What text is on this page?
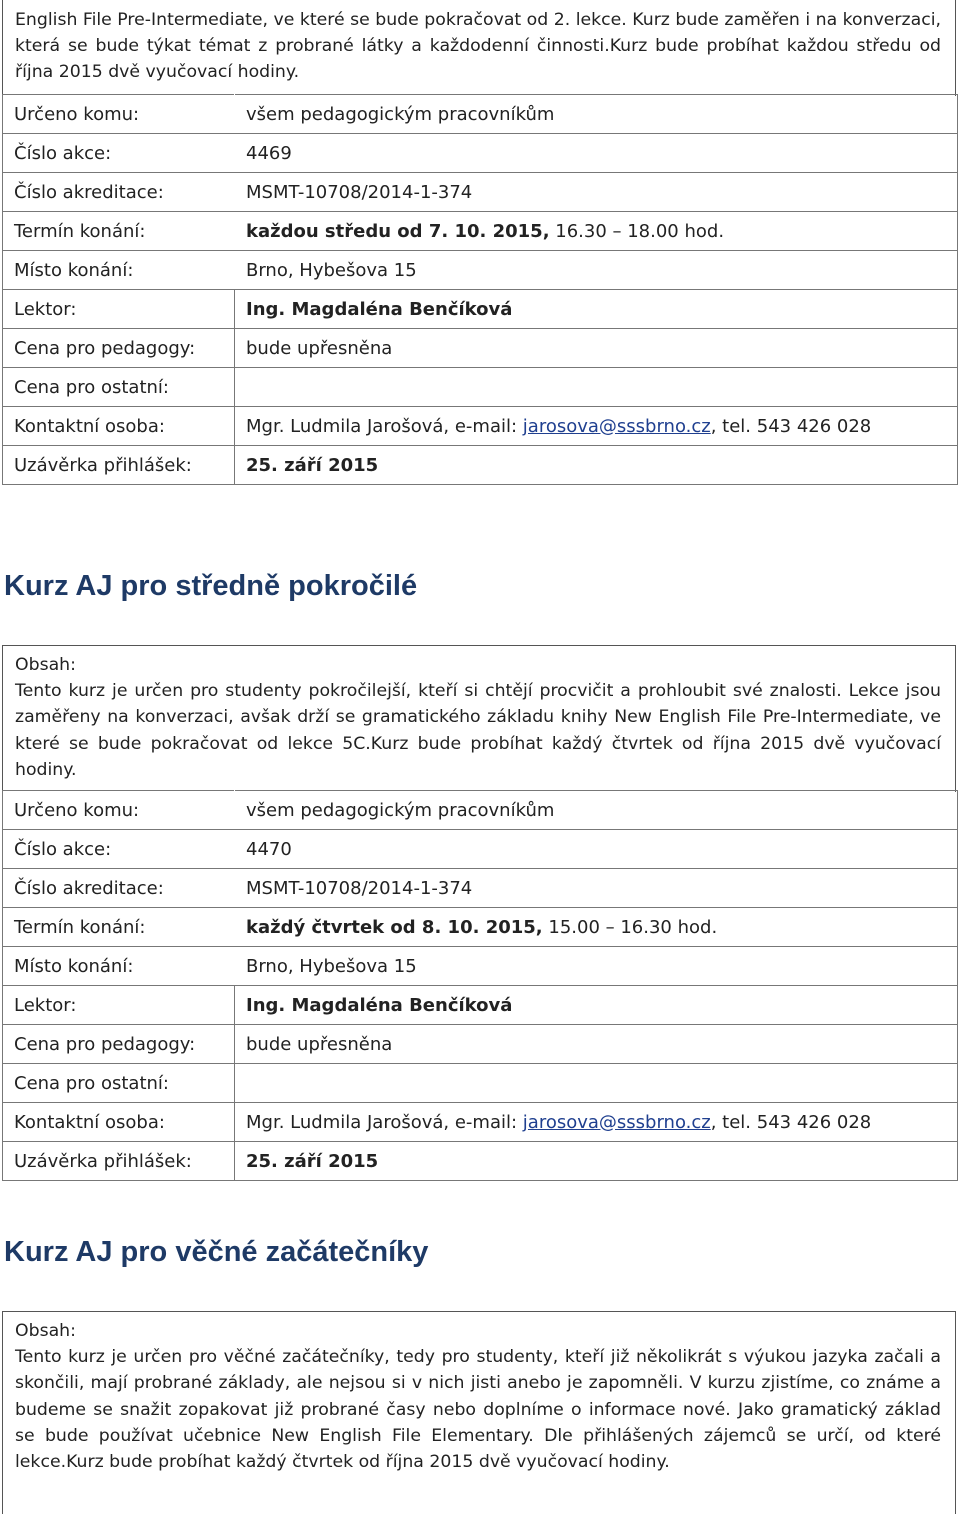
English File Pre-Intermediate, ve které se bude pokračovat od 2. lekce. Kurz bude zaměřen i na konverzaci, která se bude týkat témat z probrané látky a každodenní činnosti.Kurz bude probíhat každou středu od října 2015 dvě vyučovací hodiny.

Určeno komu:	všem pedagogickým pracovníkům
Číslo akce:	4469
Číslo akreditace:	MSMT-10708/2014-1-374
Termín konání:	každou středu od 7. 10. 2015, 16.30 – 18.00 hod.
Místo konání:	Brno, Hybešova 15
Lektor:	Ing. Magdaléna Benčíková
Cena pro pedagogy:	bude upřesněna
Cena pro ostatní:	
Kontaktní osoba:	Mgr. Ludmila Jarošová, e-mail: jarosova@sssbrno.cz, tel. 543 426 028
Uzávěrka přihlášek:	25. září 2015
Kurz AJ pro středně pokročilé
Obsah:

Tento kurz je určen pro studenty pokročilejší, kteří si chtějí procvičit a prohloubit své znalosti. Lekce jsou zaměřeny na konverzaci, avšak drží se gramatického základu knihy New English File Pre-Intermediate, ve které se bude pokračovat od lekce 5C.Kurz bude probíhat každý čtvrtek od října 2015 dvě vyučovací hodiny.

Určeno komu:	všem pedagogickým pracovníkům
Číslo akce:	4470
Číslo akreditace:	MSMT-10708/2014-1-374
Termín konání:	každý čtvrtek od 8. 10. 2015, 15.00 – 16.30 hod.
Místo konání:	Brno, Hybešova 15
Lektor:	Ing. Magdaléna Benčíková
Cena pro pedagogy:	bude upřesněna
Cena pro ostatní:	
Kontaktní osoba:	Mgr. Ludmila Jarošová, e-mail: jarosova@sssbrno.cz, tel. 543 426 028
Uzávěrka přihlášek:	25. září 2015
Kurz AJ pro věčné začátečníky
Obsah:

Tento kurz je určen pro věčné začátečníky, tedy pro studenty, kteří již několikrát s výukou jazyka začali a skončili, mají probrané základy, ale nejsou si v nich jisti anebo je zapomněli. V kurzu zjistíme, co známe a budeme se snažit zopakovat již probrané časy nebo doplníme o informace nové. Jako gramatický základ se bude používat učebnice New English File Elementary. Dle přihlášených zájemců se určí, od které lekce.Kurz bude probíhat každý čtvrtek od října 2015 dvě vyučovací hodiny.
